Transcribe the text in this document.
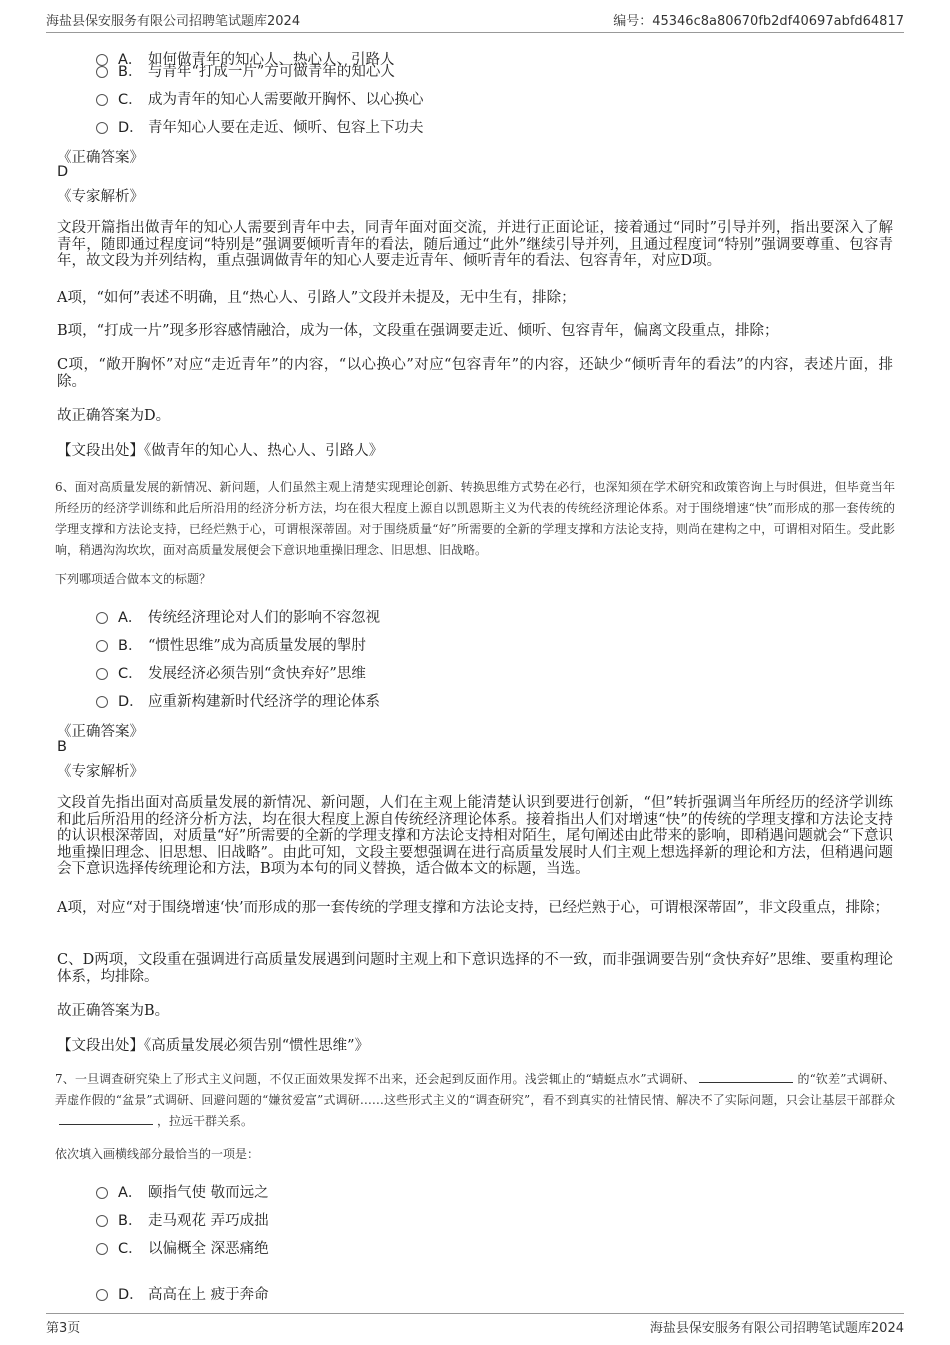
海盐县保安服务有限公司招聘笔试题库2024	编号：45346c8a80670fb2df40697abfd64817
A． 如何做青年的知心人、热心人、引路人
B． 与青年“打成一片”方可做青年的知心人
C． 成为青年的知心人需要敞开胸怀、以心换心
D． 青年知心人要在走近、倾听、包容上下功夫
《正确答案》
D
《专家解析》
文段开篇指出做青年的知心人需要到青年中去，同青年面对面交流，并进行正面论证，接着通过“同时”引导并列，指出要深入了解青年，随即通过程度词“特别是”强调要倾听青年的看法，随后通过“此外”继续引导并列，且通过程度词“特别”强调要尊重、包容青年，故文段为并列结构，重点强调做青年的知心人要走近青年、倾听青年的看法、包容青年，对应D项。
A项，“如何”表述不明确，且“热心人、引路人”文段并未提及，无中生有，排除；
B项，“打成一片”现多形容感情融洽，成为一体，文段重在强调要走近、倾听、包容青年，偏离文段重点，排除；
C项，“敞开胸怀”对应“走近青年”的内容，“以心换心”对应“包容青年”的内容，还缺少“倾听青年的看法”的内容，表述片面，排除。
故正确答案为D。
【文段出处】《做青年的知心人、热心人、引路人》
6、面对高质量发展的新情况、新问题，人们虽然主观上清楚实现理论创新、转换思维方式势在必行，也深知须在学术研究和政策咨询上与时俱进，但毕竟当年所经历的经济学训练和此后所沿用的经济分析方法，均在很大程度上源自以凯恩斯主义为代表的传统经济理论体系。对于围绕增速“快”而形成的那一套传统的学理支撑和方法论支持，已经烂熟于心，可谓根深蒂固。对于围绕质量“好”所需要的全新的学理支撑和方法论支持，则尚在建构之中，可谓相对陌生。受此影响，稍遇沟沟坎坎，面对高质量发展便会下意识地重操旧理念、旧思想、旧战略。
下列哪项适合做本文的标题？
A． 传统经济理论对人们的影响不容忽视
B． “惯性思维”成为高质量发展的掣肘
C． 发展经济必须告别“贪快弃好”思维
D． 应重新构建新时代经济学的理论体系
《正确答案》
B
《专家解析》
文段首先指出面对高质量发展的新情况、新问题，人们在主观上能清楚认识到要进行创新，“但”转折强调当年所经历的经济学训练和此后所沿用的经济分析方法，均在很大程度上源自传统经济理论体系。接着指出人们对增速“快”的传统的学理支撑和方法论支持的认识根深蒂固，对质量“好”所需要的全新的学理支撑和方法论支持相对陌生，尾句阐述由此带来的影响，即稍遇问题就会“下意识地重操旧理念、旧思想、旧战略”。由此可知，文段主要想强调在进行高质量发展时人们主观上想选择新的理论和方法，但稍遇问题会下意识选择传统理论和方法，B项为本句的同义替换，适合做本文的标题，当选。
A项，对应“对于围绕增速‘快’而形成的那一套传统的学理支撑和方法论支持，已经烂熟于心，可谓根深蒂固”，非文段重点，排除；
C、D两项，文段重在强调进行高质量发展遇到问题时主观上和下意识选择的不一致，而非强调要告别“贪快弃好”思维、要重构理论体系，均排除。
故正确答案为B。
【文段出处】《高质量发展必须告别“惯性思维”》
7、一旦调查研究染上了形式主义问题，不仅正面效果发挥不出来，还会起到反面作用。浅尝辄止的“蜻蜓点水”式调研、	的“钦差”式调研、弄虚作假的“盆景”式调研、回避问题的“嫌贫爱富”式调研……这些形式主义的“调查研究”，看不到真实的社情民情、解决不了实际问题，只会让基层干部群众，拉远干群关系。
依次填入画横线部分最恰当的一项是：
A． 颐指气使 敬而远之
B． 走马观花 弄巧成拙
C． 以偏概全 深恶痛绝
D． 高高在上 疲于奔命
第3页	海盐县保安服务有限公司招聘笔试题库2024
